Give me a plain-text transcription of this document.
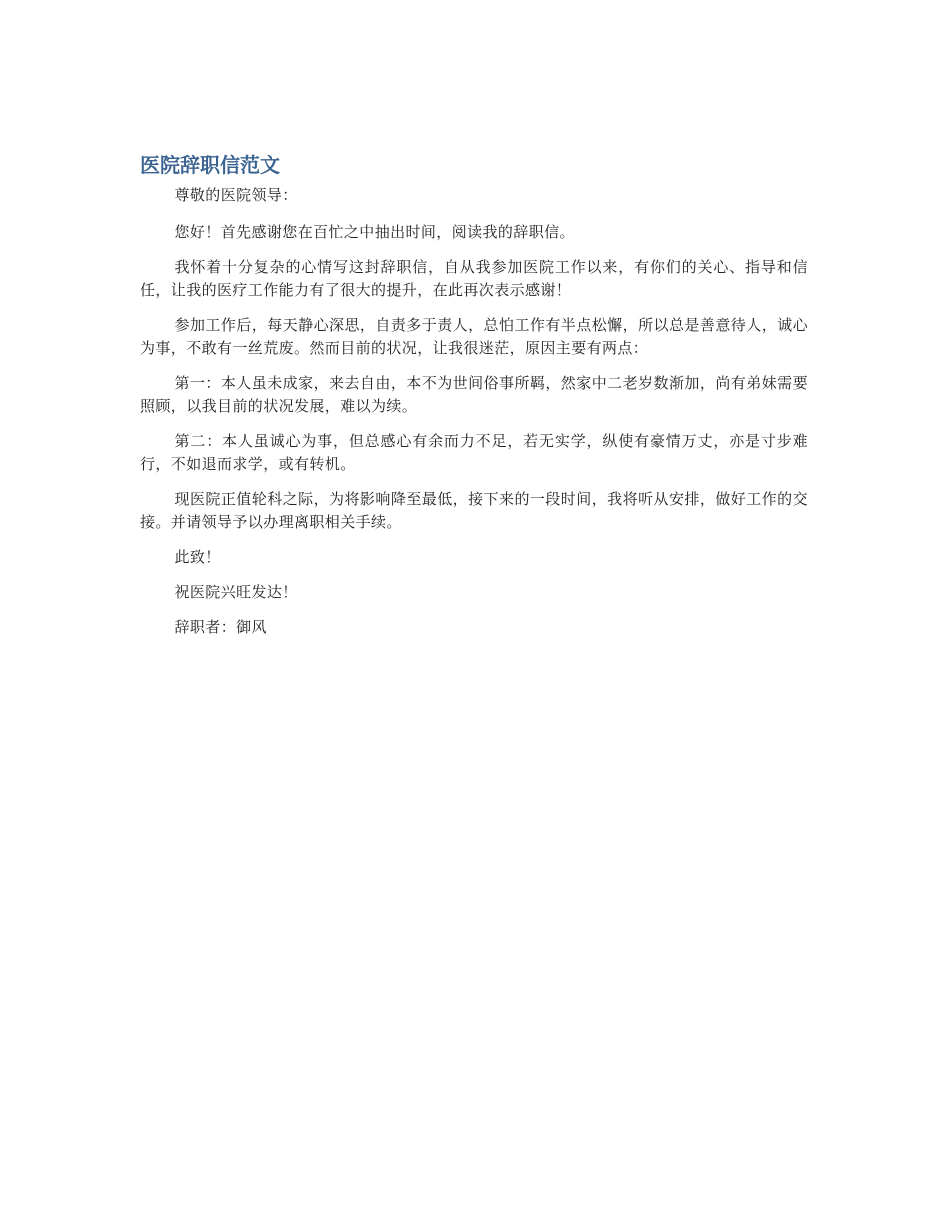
医院辞职信范文

尊敬的医院领导：

您好！首先感谢您在百忙之中抽出时间，阅读我的辞职信。

我怀着十分复杂的心情写这封辞职信，自从我参加医院工作以来，有你们的关心、指导和信任，让我的医疗工作能力有了很大的提升，在此再次表示感谢！

参加工作后，每天静心深思，自责多于责人，总怕工作有半点松懈，所以总是善意待人，诚心为事，不敢有一丝荒废。然而目前的状况，让我很迷茫，原因主要有两点：

第一：本人虽未成家，来去自由，本不为世间俗事所羁，然家中二老岁数渐加，尚有弟妹需要照顾，以我目前的状况发展，难以为续。

第二：本人虽诚心为事，但总感心有余而力不足，若无实学，纵使有豪情万丈，亦是寸步难行，不如退而求学，或有转机。

现医院正值轮科之际，为将影响降至最低，接下来的一段时间，我将听从安排，做好工作的交接。并请领导予以办理离职相关手续。

此致！

祝医院兴旺发达！

辞职者：御风
